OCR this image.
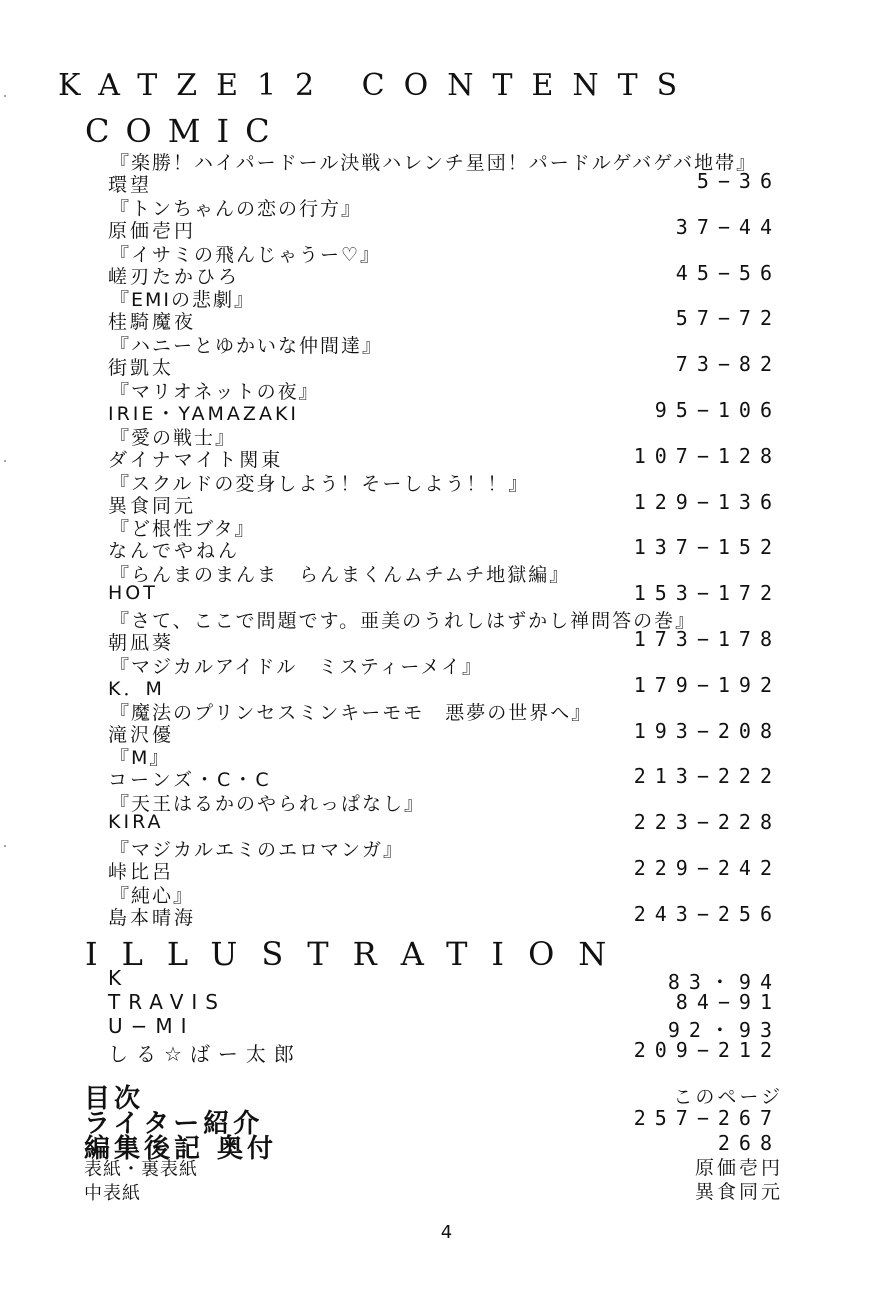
KATZE12 CONTENTS
COMIC
『楽勝！ハイパードール決戦ハレンチ星団！パードルゲバゲバ地帯』
環望	5−36
『トンちゃんの恋の行方』
原価壱円	37−44
『イサミの飛んじゃうー♡』
嵯刃たかひろ	45−56
『EMIの悲劇』
桂騎魔夜	57−72
『ハニーとゆかいな仲間達』
街凱太	73−82
『マリオネットの夜』
IRIE・YAMAZAKI	95−106
『愛の戦士』
ダイナマイト関東	107−128
『スクルドの変身しよう！そーしよう！！』
異食同元	129−136
『ど根性ブタ』
なんでやねん	137−152
『らんまのまんま　らんまくんムチムチ地獄編』
HOT	153−172
『さて、ここで問題です。亜美のうれしはずかし禅問答の巻』
朝凪葵	173−178
『マジカルアイドル　ミスティーメイ』
K．M	179−192
『魔法のプリンセスミンキーモモ　悪夢の世界へ』
滝沢優	193−208
『M』
コーンズ・C・C	213−222
『天王はるかのやられっぱなし』
KIRA	223−228
『マジカルエミのエロマンガ』
峠比呂	229−242
『純心』
島本晴海	243−256
ILLUSTRATION
K	83・94
TRAVIS	84−91
U−MI	92・93
しる☆ばー太郎	209−212
目次	このページ
ライター紹介	257−267
編集後記 奥付	268
表紙・裏表紙	原価壱円
中表紙	異食同元
4
